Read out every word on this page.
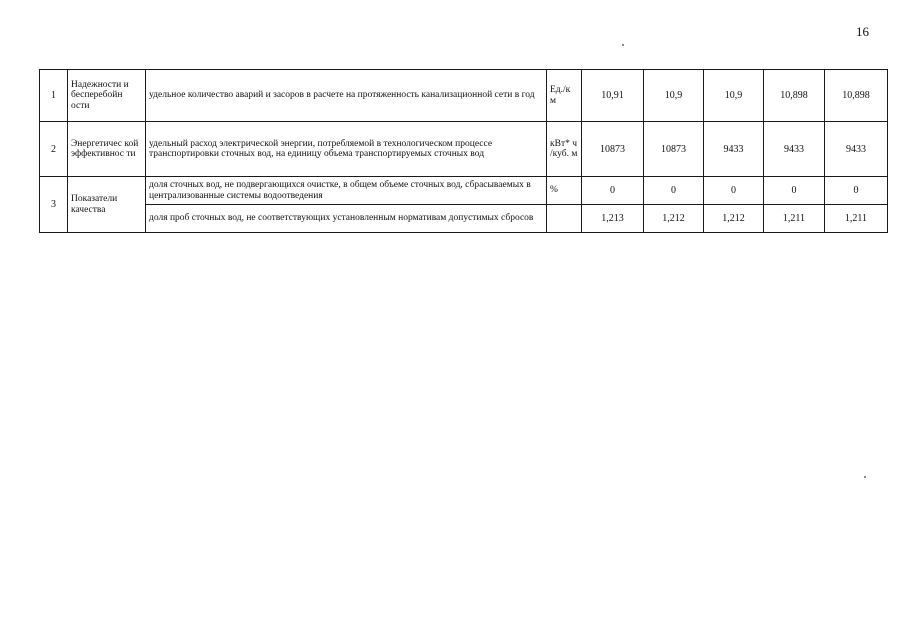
16
1	Надежности и бесперебойн ости	удельное количество аварий и засоров в расчете на протяженность канализационной сети в год	Ед./к м	10,91	10,9	10,9	10,898	10,898
2	Энергетичес кой эффективнос ти	удельный расход электрической энергии, потребляемой в технологическом процессе транспортировки сточных вод, на единицу объема транспортируемых сточных вод	кВт* ч /куб. м	10873	10873	9433	9433	9433
3	Показатели качества	доля сточных вод, не подвергающихся очистке, в общем объеме сточных вод, сбрасываемых в централизованные системы водоотведения	%	0	0	0	0	0
		доля проб сточных вод, не соответствующих установленным нормативам допустимых сбросов		1,213	1,212	1,212	1,211	1,211
